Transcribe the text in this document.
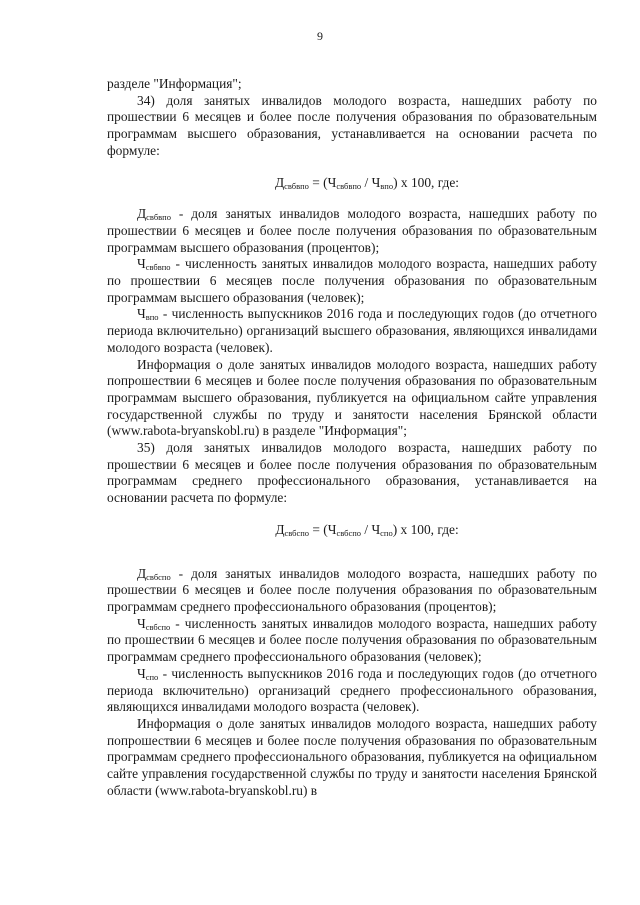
9

разделе "Информация";

34) доля занятых инвалидов молодого возраста, нашедших работу по прошествии 6 месяцев и более после получения образования по образовательным программам высшего образования, устанавливается на основании расчета по формуле:

$Д_{свбвпо} = (Ч_{свбвпо} / Ч_{впо})$ х 100, где:

$Д_{свбвпо}$ - доля занятых инвалидов молодого возраста, нашедших работу по прошествии 6 месяцев и более после получения образования по образовательным программам высшего образования (процентов);

$Ч_{свбвпо}$ - численность занятых инвалидов молодого возраста, нашедших работу по прошествии 6 месяцев после получения образования по образовательным программам высшего образования (человек);

$Ч_{впо}$ - численность выпускников 2016 года и последующих годов (до отчетного периода включительно) организаций высшего образования, являющихся инвалидами молодого возраста (человек).

Информация о доле занятых инвалидов молодого возраста, нашедших работу попрошествии 6 месяцев и более после получения образования по образовательным программам высшего образования, публикуется на официальном сайте управления государственной службы по труду и занятости населения Брянской области (www.rabota-bryanskobl.ru) в разделе "Информация";

35) доля занятых инвалидов молодого возраста, нашедших работу по прошествии 6 месяцев и более после получения образования по образовательным программам среднего профессионального образования, устанавливается на основании расчета по формуле:

$Д_{свбспо} = (Ч_{свбспо} / Ч_{спо})$ х 100, где:

$Д_{свбспо}$ - доля занятых инвалидов молодого возраста, нашедших работу по прошествии 6 месяцев и более после получения образования по образовательным программам среднего профессионального образования (процентов);

$Ч_{свбспо}$ - численность занятых инвалидов молодого возраста, нашедших работу по прошествии 6 месяцев и более после получения образования по образовательным программам среднего профессионального образования (человек);

$Ч_{спо}$ - численность выпускников 2016 года и последующих годов (до отчетного периода включительно) организаций среднего профессионального образования, являющихся инвалидами молодого возраста (человек).

Информация о доле занятых инвалидов молодого возраста, нашедших работу попрошествии 6 месяцев и более после получения образования по образовательным программам среднего профессионального образования, публикуется на официальном сайте управления государственной службы по труду и занятости населения Брянской области (www.rabota-bryanskobl.ru) в
